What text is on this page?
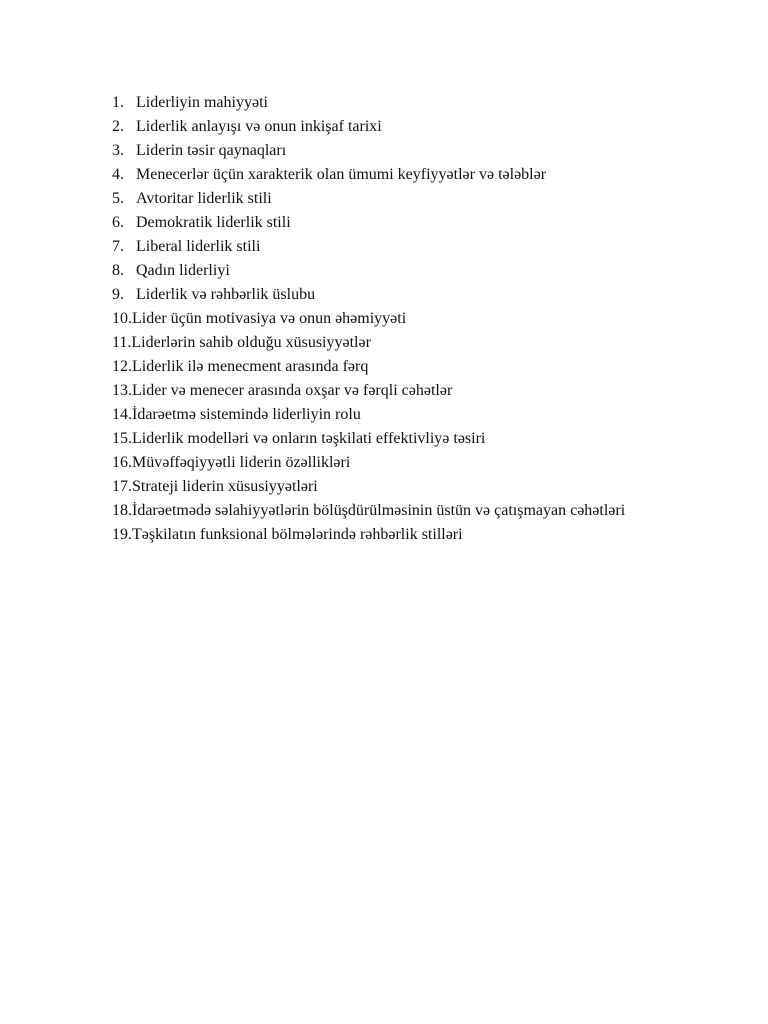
1. Liderliyin mahiyyəti
2. Liderlik anlayışı və onun inkişaf tarixi
3. Liderin təsir qaynaqları
4. Menecerlər üçün xarakterik olan ümumi keyfiyyətlər və tələblər
5. Avtoritar liderlik stili
6. Demokratik liderlik stili
7. Liberal liderlik stili
8. Qadın liderliyi
9. Liderlik və rəhbərlik üslubu
10. Lider üçün motivasiya və onun əhəmiyyəti
11. Liderlərin sahib olduğu xüsusiyyətlər
12. Liderlik ilə menecment arasında fərq
13. Lider və menecer arasında oxşar və fərqli cəhətlər
14. İdarəetmə sistemində liderliyin rolu
15. Liderlik modelləri və onların təşkilati effektivliyə təsiri
16. Müvəffəqiyyətli liderin özəllikləri
17. Strateji liderin xüsusiyyətləri
18. İdarəetmədə səlahiyyətlərin bölüşdürülməsinin üstün və çatışmayan cəhətləri
19. Təşkilatın funksional bölmələrində rəhbərlik stilləri
